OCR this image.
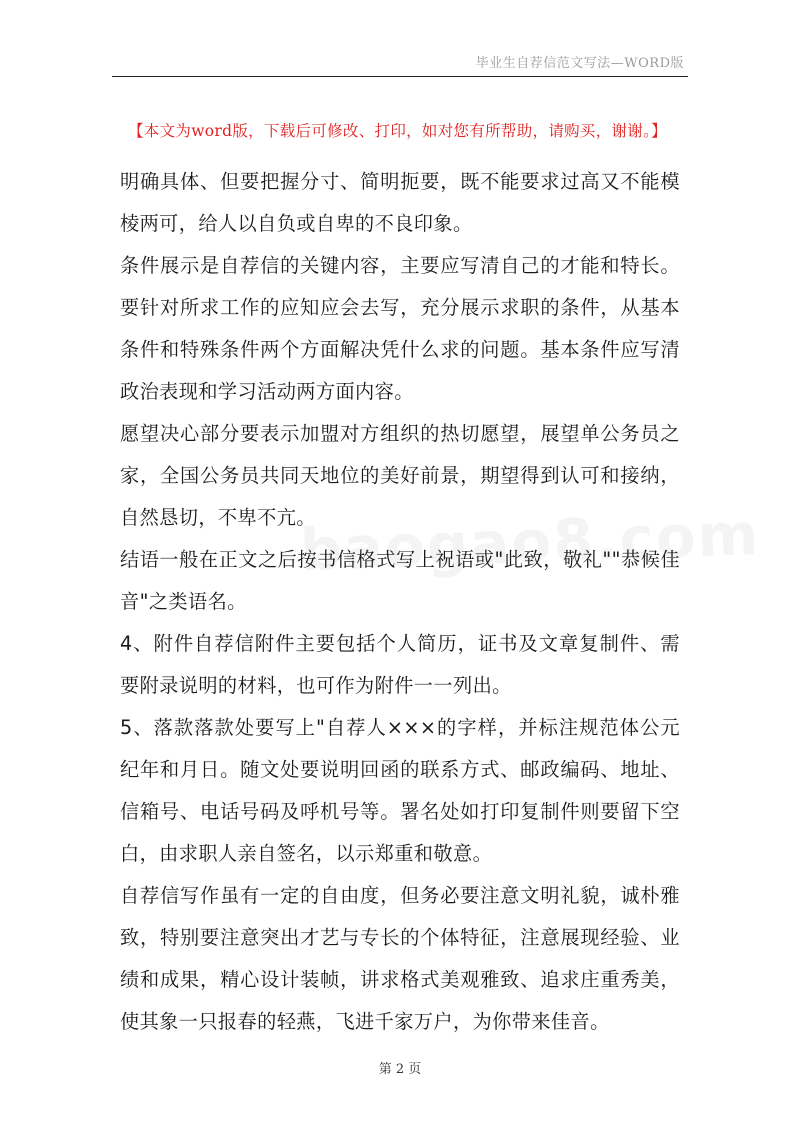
毕业生自荐信范文写法—WORD版
【本文为word版，下载后可修改、打印，如对您有所帮助，请购买，谢谢。】

明确具体、但要把握分寸、简明扼要，既不能要求过高又不能模棱两可，给人以自负或自卑的不良印象。

条件展示是自荐信的关键内容，主要应写清自己的才能和特长。要针对所求工作的应知应会去写，充分展示求职的条件，从基本条件和特殊条件两个方面解决凭什么求的问题。基本条件应写清政治表现和学习活动两方面内容。

愿望决心部分要表示加盟对方组织的热切愿望，展望单公务员之家，全国公务员共同天地位的美好前景，期望得到认可和接纳，自然恳切，不卑不亢。

结语一般在正文之后按书信格式写上祝语或"此致，敬礼""恭候佳音"之类语名。

4、附件自荐信附件主要包括个人简历，证书及文章复制件、需要附录说明的材料，也可作为附件一一列出。

5、落款落款处要写上"自荐人×××的字样，并标注规范体公元纪年和月日。随文处要说明回函的联系方式、邮政编码、地址、信箱号、电话号码及呼机号等。署名处如打印复制件则要留下空白，由求职人亲自签名，以示郑重和敬意。

自荐信写作虽有一定的自由度，但务必要注意文明礼貌，诚朴雅致，特别要注意突出才艺与专长的个体特征，注意展现经验、业绩和成果，精心设计装帧，讲求格式美观雅致、追求庄重秀美，使其象一只报春的轻燕，飞进千家万户，为你带来佳音。

第 2 页
